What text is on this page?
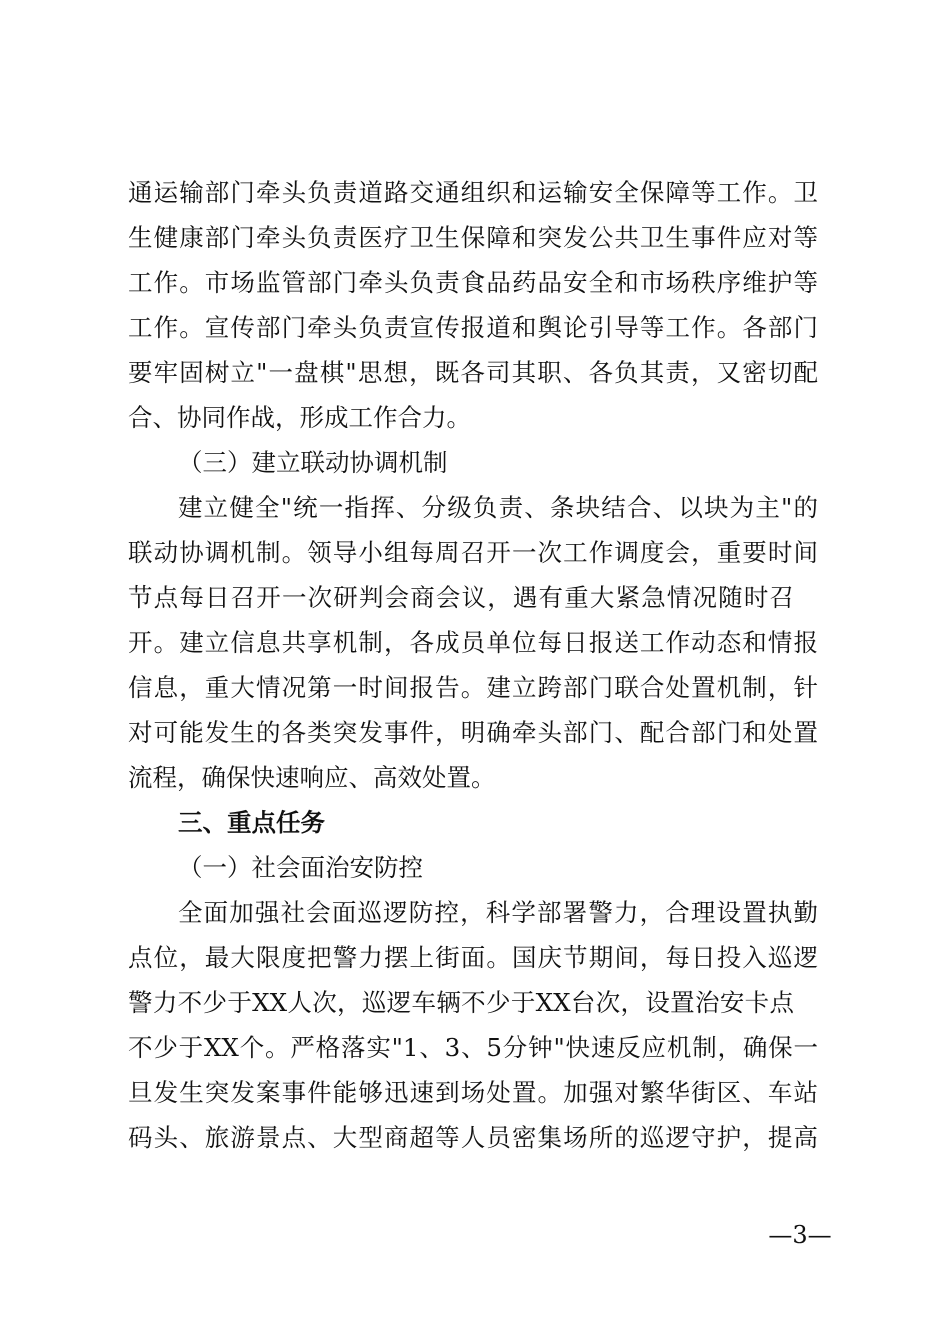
通运输部门牵头负责道路交通组织和运输安全保障等工作。卫
生健康部门牵头负责医疗卫生保障和突发公共卫生事件应对等
工作。市场监管部门牵头负责食品药品安全和市场秩序维护等
工作。宣传部门牵头负责宣传报道和舆论引导等工作。各部门
要牢固树立"一盘棋"思想，既各司其职、各负其责，又密切配
合、协同作战，形成工作合力。
（三）建立联动协调机制
建立健全"统一指挥、分级负责、条块结合、以块为主"的
联动协调机制。领导小组每周召开一次工作调度会，重要时间
节点每日召开一次研判会商会议，遇有重大紧急情况随时召
开。建立信息共享机制，各成员单位每日报送工作动态和情报
信息，重大情况第一时间报告。建立跨部门联合处置机制，针
对可能发生的各类突发事件，明确牵头部门、配合部门和处置
流程，确保快速响应、高效处置。
三、重点任务
（一）社会面治安防控
全面加强社会面巡逻防控，科学部署警力，合理设置执勤
点位，最大限度把警力摆上街面。国庆节期间，每日投入巡逻
警力不少于XX人次，巡逻车辆不少于XX台次，设置治安卡点
不少于XX个。严格落实"1、3、5分钟"快速反应机制，确保一
旦发生突发案事件能够迅速到场处置。加强对繁华街区、车站
码头、旅游景点、大型商超等人员密集场所的巡逻守护，提高
—3—
